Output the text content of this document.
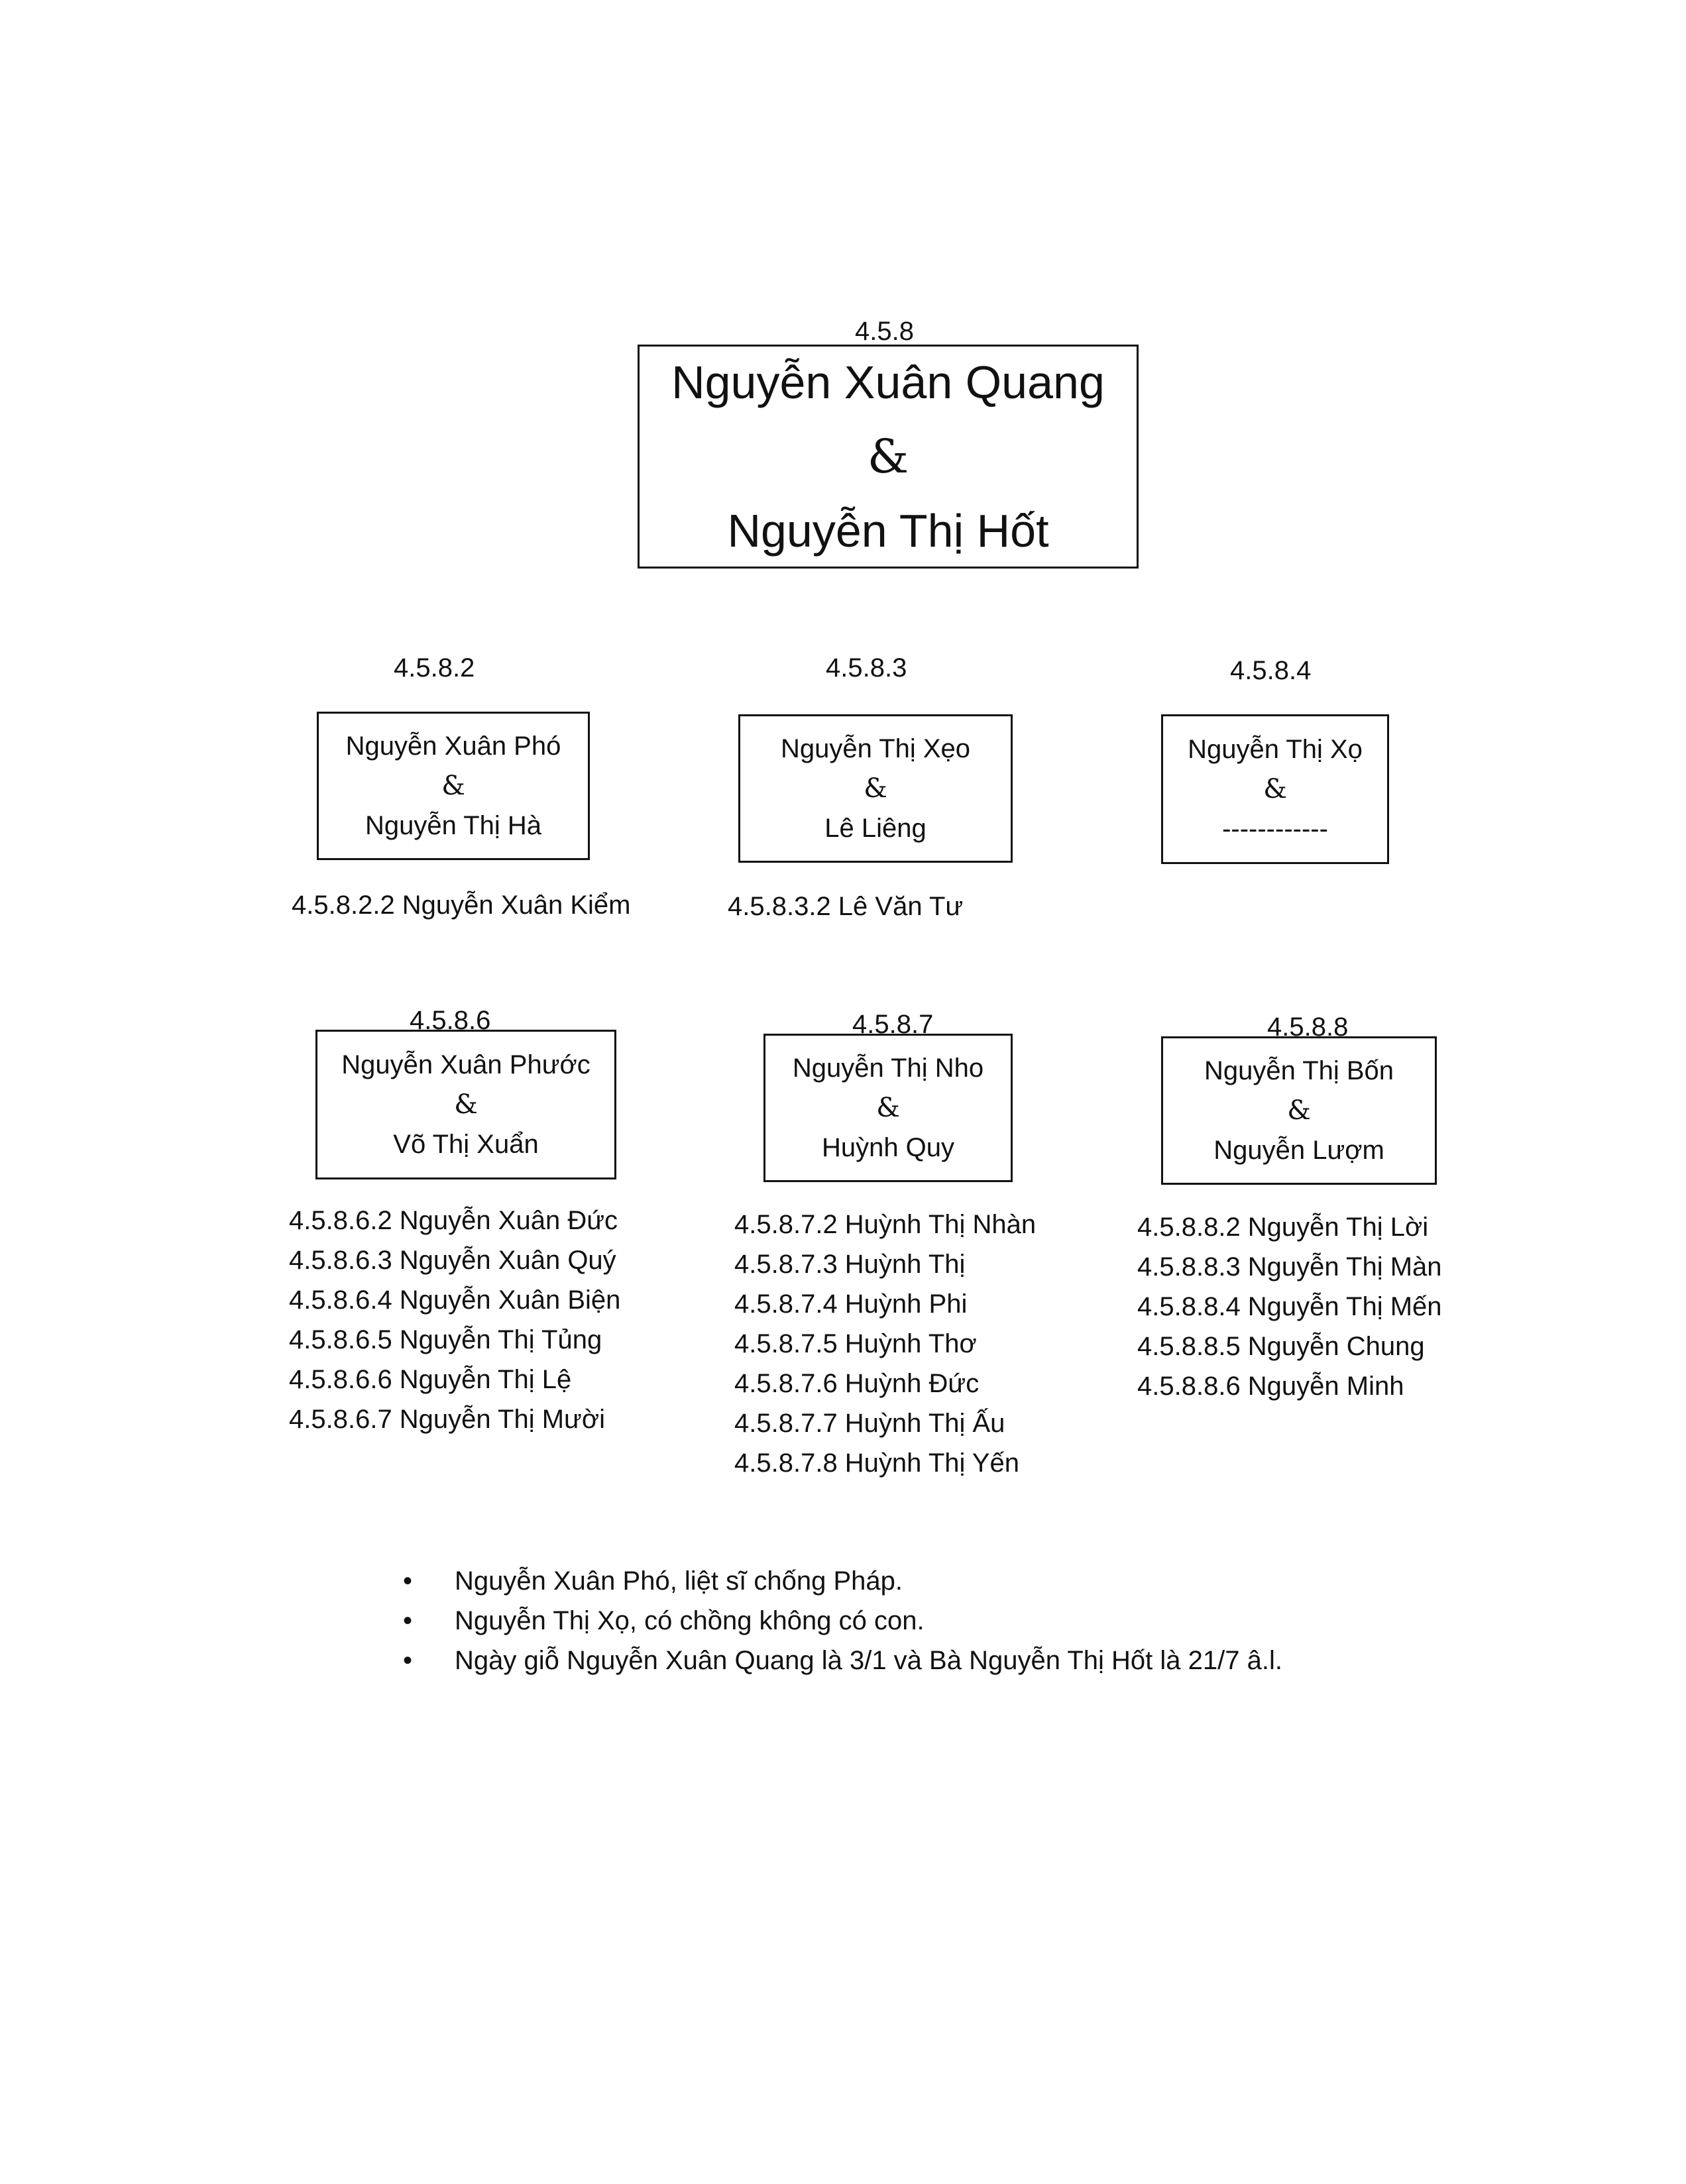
4.5.8
Nguyễn Xuân Quang
&
Nguyễn Thị Hốt
4.5.8.2
Nguyễn Xuân Phó
&
Nguyễn Thị Hà
4.5.8.2.2 Nguyễn Xuân Kiểm
4.5.8.3
Nguyễn Thị Xẹo
&
Lê Liêng
4.5.8.3.2 Lê Văn Tư
4.5.8.4
Nguyễn Thị Xọ
&
------------
4.5.8.6
Nguyễn Xuân Phước
&
Võ Thị Xuẩn
4.5.8.6.2 Nguyễn Xuân Đức
4.5.8.6.3 Nguyễn Xuân Quý
4.5.8.6.4 Nguyễn Xuân Biện
4.5.8.6.5 Nguyễn Thị Tủng
4.5.8.6.6 Nguyễn Thị Lệ
4.5.8.6.7 Nguyễn Thị Mười
4.5.8.7
Nguyễn Thị Nho
&
Huỳnh Quy
4.5.8.7.2 Huỳnh Thị Nhàn
4.5.8.7.3 Huỳnh Thị
4.5.8.7.4 Huỳnh Phi
4.5.8.7.5 Huỳnh Thơ
4.5.8.7.6 Huỳnh Đức
4.5.8.7.7 Huỳnh Thị Ấu
4.5.8.7.8 Huỳnh Thị Yến
4.5.8.8
Nguyễn Thị Bốn
&
Nguyễn Lượm
4.5.8.8.2 Nguyễn Thị Lời
4.5.8.8.3 Nguyễn Thị Màn
4.5.8.8.4 Nguyễn Thị Mến
4.5.8.8.5 Nguyễn Chung
4.5.8.8.6 Nguyễn Minh
• Nguyễn Xuân Phó, liệt sĩ chống Pháp.
• Nguyễn Thị Xọ, có chồng không có con.
• Ngày giỗ Nguyễn Xuân Quang là 3/1 và Bà Nguyễn Thị Hốt là 21/7 â.l.
